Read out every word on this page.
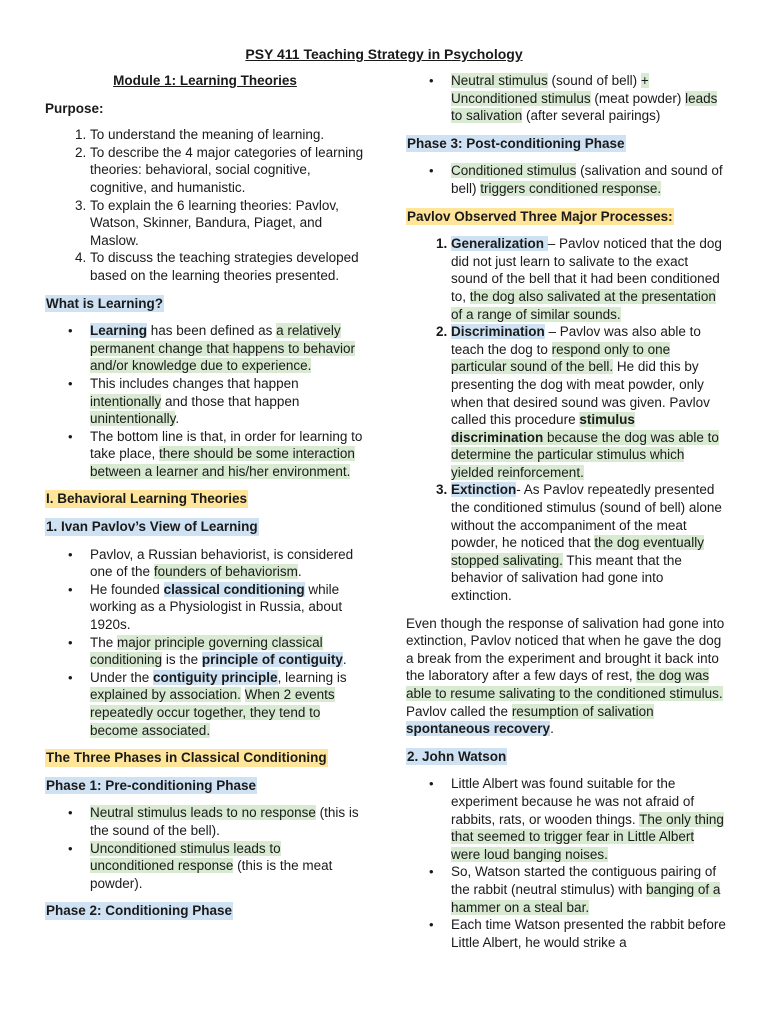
PSY 411 Teaching Strategy in Psychology
Module 1: Learning Theories
Purpose:
1. To understand the meaning of learning.
2. To describe the 4 major categories of learning theories: behavioral, social cognitive, cognitive, and humanistic.
3. To explain the 6 learning theories: Pavlov, Watson, Skinner, Bandura, Piaget, and Maslow.
4. To discuss the teaching strategies developed based on the learning theories presented.
What is Learning?
• Learning has been defined as a relatively permanent change that happens to behavior and/or knowledge due to experience.
• This includes changes that happen intentionally and those that happen unintentionally.
• The bottom line is that, in order for learning to take place, there should be some interaction between a learner and his/her environment.
I. Behavioral Learning Theories
1. Ivan Pavlov’s View of Learning
• Pavlov, a Russian behaviorist, is considered one of the founders of behaviorism.
• He founded classical conditioning while working as a Physiologist in Russia, about 1920s.
• The major principle governing classical conditioning is the principle of contiguity.
• Under the contiguity principle, learning is explained by association. When 2 events repeatedly occur together, they tend to become associated.
The Three Phases in Classical Conditioning
Phase 1: Pre-conditioning Phase
• Neutral stimulus leads to no response (this is the sound of the bell).
• Unconditioned stimulus leads to unconditioned response (this is the meat powder).
Phase 2: Conditioning Phase
• Neutral stimulus (sound of bell) + Unconditioned stimulus (meat powder) leads to salivation (after several pairings)
Phase 3: Post-conditioning Phase
• Conditioned stimulus (salivation and sound of bell) triggers conditioned response.
Pavlov Observed Three Major Processes:
1. Generalization – Pavlov noticed that the dog did not just learn to salivate to the exact sound of the bell that it had been conditioned to, the dog also salivated at the presentation of a range of similar sounds.
2. Discrimination – Pavlov was also able to teach the dog to respond only to one particular sound of the bell. He did this by presenting the dog with meat powder, only when that desired sound was given. Pavlov called this procedure stimulus discrimination because the dog was able to determine the particular stimulus which yielded reinforcement.
3. Extinction- As Pavlov repeatedly presented the conditioned stimulus (sound of bell) alone without the accompaniment of the meat powder, he noticed that the dog eventually stopped salivating. This meant that the behavior of salivation had gone into extinction.

Even though the response of salivation had gone into extinction, Pavlov noticed that when he gave the dog a break from the experiment and brought it back into the laboratory after a few days of rest, the dog was able to resume salivating to the conditioned stimulus. Pavlov called the resumption of salivation spontaneous recovery.

2. John Watson
• Little Albert was found suitable for the experiment because he was not afraid of rabbits, rats, or wooden things. The only thing that seemed to trigger fear in Little Albert were loud banging noises.
• So, Watson started the contiguous pairing of the rabbit (neutral stimulus) with banging of a hammer on a steal bar.
• Each time Watson presented the rabbit before Little Albert, he would strike a
